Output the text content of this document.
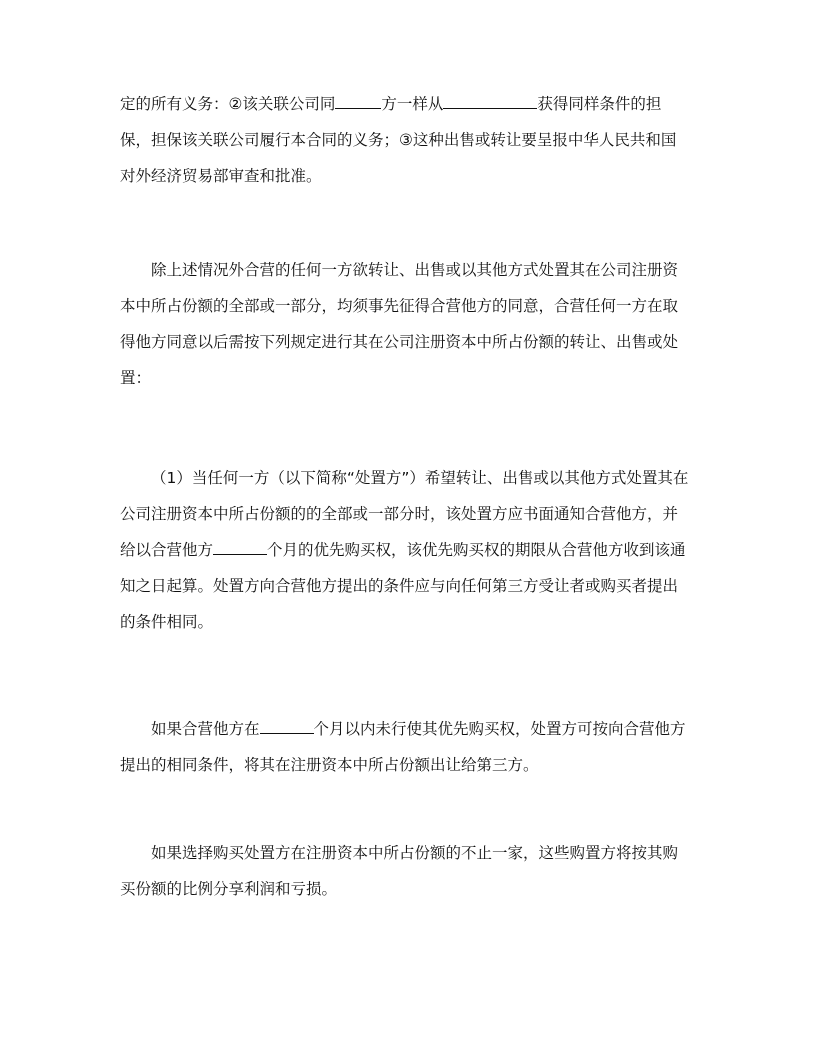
定的所有义务：②该关联公司同	方一样从	获得同样条件的担
保，担保该关联公司履行本合同的义务；③这种出售或转让要呈报中华人民共和国
对外经济贸易部审查和批准。
除上述情况外合营的任何一方欲转让、出售或以其他方式处置其在公司注册资
本中所占份额的全部或一部分，均须事先征得合营他方的同意，合营任何一方在取
得他方同意以后需按下列规定进行其在公司注册资本中所占份额的转让、出售或处
置：
（1）当任何一方（以下简称“处置方”）希望转让、出售或以其他方式处置其在
公司注册资本中所占份额的的全部或一部分时，该处置方应书面通知合营他方，并
给以合营他方	个月的优先购买权，该优先购买权的期限从合营他方收到该通
知之日起算。处置方向合营他方提出的条件应与向任何第三方受让者或购买者提出
的条件相同。
如果合营他方在	个月以内未行使其优先购买权，处置方可按向合营他方
提出的相同条件，将其在注册资本中所占份额出让给第三方。
如果选择购买处置方在注册资本中所占份额的不止一家，这些购置方将按其购
买份额的比例分享利润和亏损。
